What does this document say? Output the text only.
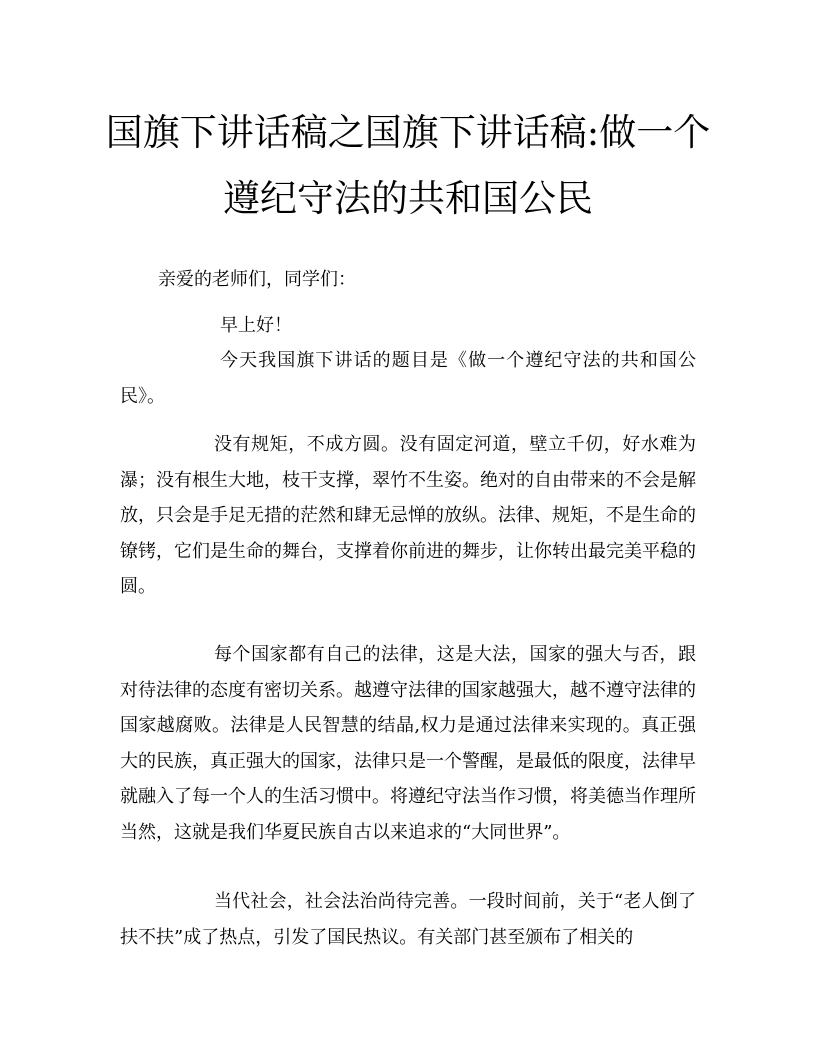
国旗下讲话稿之国旗下讲话稿:做一个
遵纪守法的共和国公民

亲爱的老师们，同学们：

早上好！

今天我国旗下讲话的题目是《做一个遵纪守法的共和国公民》。

没有规矩，不成方圆。没有固定河道，壁立千仞，好水难为瀑；没有根生大地，枝干支撑，翠竹不生姿。绝对的自由带来的不会是解放，只会是手足无措的茫然和肆无忌惮的放纵。法律、规矩，不是生命的镣铐，它们是生命的舞台，支撑着你前进的舞步，让你转出最完美平稳的圆。

每个国家都有自己的法律，这是大法，国家的强大与否，跟对待法律的态度有密切关系。越遵守法律的国家越强大，越不遵守法律的国家越腐败。法律是人民智慧的结晶,权力是通过法律来实现的。真正强大的民族，真正强大的国家，法律只是一个警醒，是最低的限度，法律早就融入了每一个人的生活习惯中。将遵纪守法当作习惯，将美德当作理所当然，这就是我们华夏民族自古以来追求的“大同世界”。

当代社会，社会法治尚待完善。一段时间前，关于“老人倒了扶不扶”成了热点，引发了国民热议。有关部门甚至颁布了相关的
